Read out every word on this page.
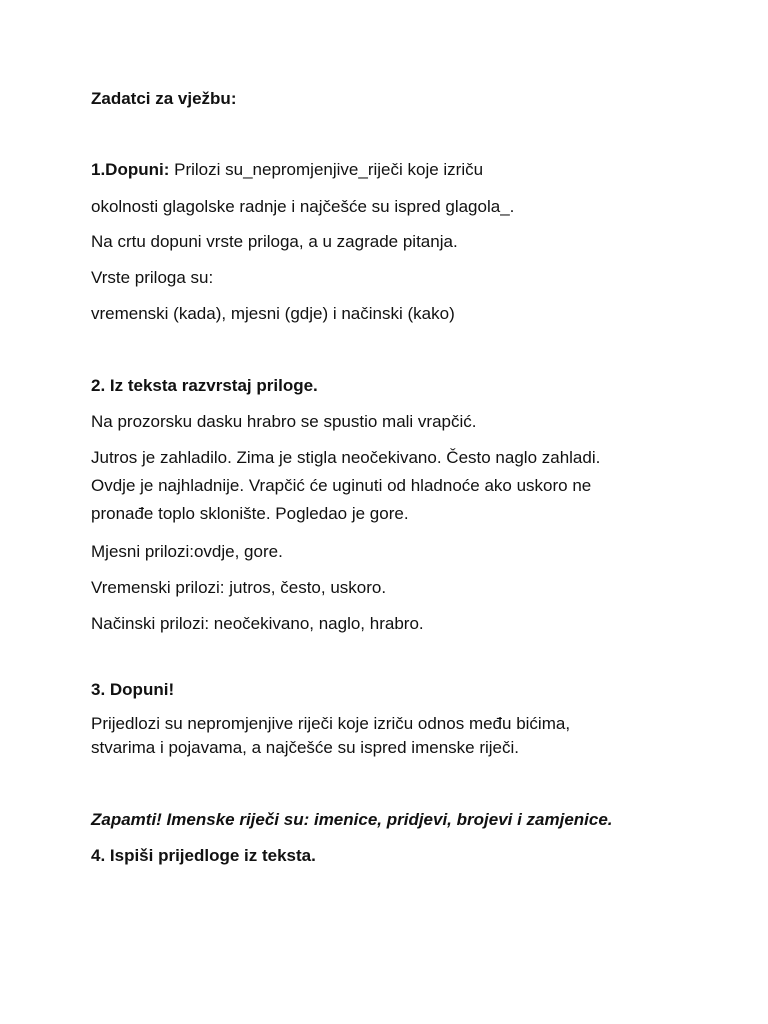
Zadatci za vježbu:
1.Dopuni: Prilozi su_nepromjenjive_riječi koje izriču
okolnosti glagolske radnje i najčešće su ispred glagola_.
Na crtu dopuni vrste priloga, a u zagrade pitanja.
Vrste priloga su:
vremenski (kada), mjesni (gdje) i načinski (kako)
2. Iz teksta razvrstaj priloge.
Na prozorsku dasku hrabro se spustio mali vrapčić.
Jutros je zahladilo. Zima je stigla neočekivano. Često naglo zahladi.
Ovdje je najhladnije. Vrapčić će uginuti od hladnoće ako uskoro ne
pronađe toplo sklonište. Pogledao je gore.
Mjesni prilozi:ovdje, gore.
Vremenski prilozi: jutros, često, uskoro.
Načinski prilozi: neočekivano, naglo, hrabro.
3. Dopuni!
Prijedlozi su nepromjenjive riječi koje izriču odnos među bićima,
stvarima i pojavama, a najčešće su ispred imenske riječi.
Zapamti! Imenske riječi su: imenice, pridjevi, brojevi i zamjenice.
4. Ispiši prijedloge iz teksta.
